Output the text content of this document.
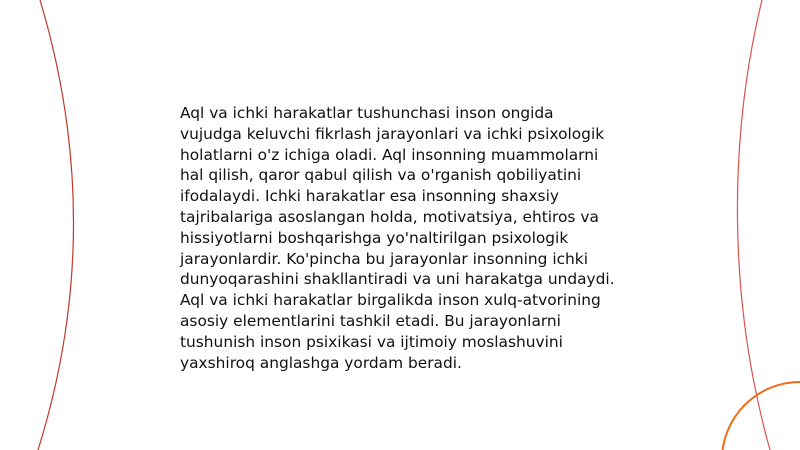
Aql va ichki harakatlar tushunchasi inson ongida vujudga keluvchi fikrlash jarayonlari va ichki psixologik holatlarni o'z ichiga oladi. Aql insonning muammolarni hal qilish, qaror qabul qilish va o'rganish qobiliyatini ifodalaydi. Ichki harakatlar esa insonning shaxsiy tajribalariga asoslangan holda, motivatsiya, ehtiros va hissiyotlarni boshqarishga yo'naltirilgan psixologik jarayonlardir. Ko'pincha bu jarayonlar insonning ichki dunyoqarashini shakllantiradi va uni harakatga undaydi. Aql va ichki harakatlar birgalikda inson xulq-atvorining asosiy elementlarini tashkil etadi. Bu jarayonlarni tushunish inson psixikasi va ijtimoiy moslashuvini yaxshiroq anglashga yordam beradi.
